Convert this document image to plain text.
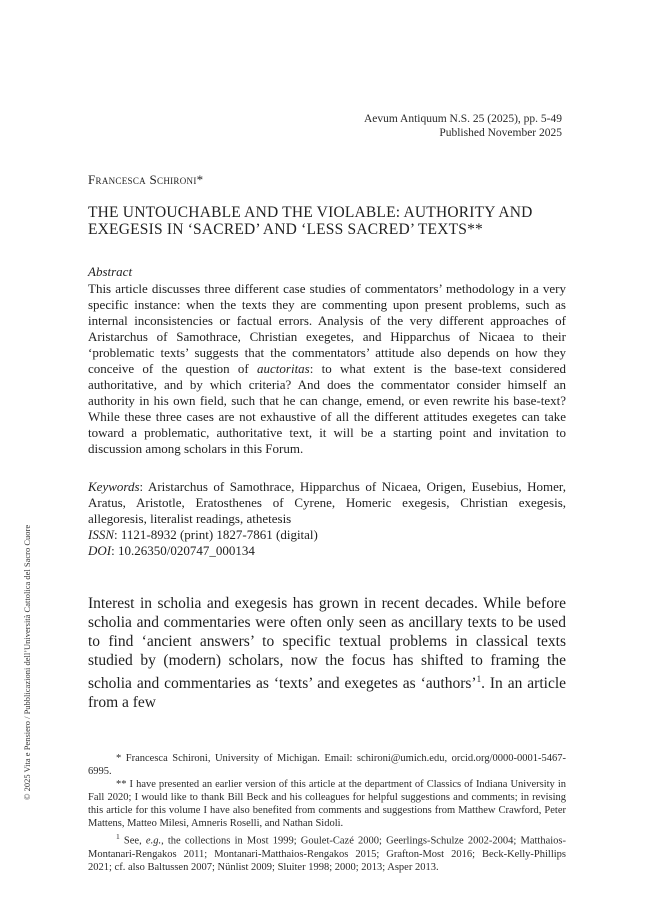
Aevum Antiquum N.S. 25 (2025), pp. 5-49
Published November 2025
Francesca Schironi*
THE UNTOUCHABLE AND THE VIOLABLE: AUTHORITY AND EXEGESIS IN ‘SACRED’ AND ‘LESS SACRED’ TEXTS**
Abstract
This article discusses three different case studies of commentators’ methodology in a very specific instance: when the texts they are commenting upon present problems, such as internal inconsistencies or factual errors. Analysis of the very different approaches of Aristarchus of Samothrace, Christian exegetes, and Hipparchus of Nicaea to their ‘problematic texts’ suggests that the commentators’ attitude also depends on how they conceive of the question of auctoritas: to what extent is the base-text considered authoritative, and by which criteria? And does the commentator consider himself an authority in his own field, such that he can change, emend, or even rewrite his base-text? While these three cases are not exhaustive of all the different attitudes exegetes can take toward a problematic, authoritative text, it will be a starting point and invitation to discussion among scholars in this Forum.
Keywords: Aristarchus of Samothrace, Hipparchus of Nicaea, Origen, Eusebius, Homer, Aratus, Aristotle, Eratosthenes of Cyrene, Homeric exegesis, Christian exegesis, allegoresis, literalist readings, athetesis
ISSN: 1121-8932 (print) 1827-7861 (digital)
DOI: 10.26350/020747_000134
Interest in scholia and exegesis has grown in recent decades. While before scholia and commentaries were often only seen as ancillary texts to be used to find ‘ancient answers’ to specific textual problems in classical texts studied by (modern) scholars, now the focus has shifted to framing the scholia and commentaries as ‘texts’ and exegetes as ‘authors’$^1$. In an article from a few

* Francesca Schironi, University of Michigan. Email: schironi@umich.edu, orcid.org/0000-0001-5467-6995.

** I have presented an earlier version of this article at the department of Classics of Indiana University in Fall 2020; I would like to thank Bill Beck and his colleagues for helpful suggestions and comments; in revising this article for this volume I have also benefited from comments and suggestions from Matthew Crawford, Peter Mattens, Matteo Milesi, Amneris Roselli, and Nathan Sidoli.

$^1$ See, e.g., the collections in Most 1999; Goulet-Cazé 2000; Geerlings-Schulze 2002-2004; Matthaios-Montanari-Rengakos 2011; Montanari-Matthaios-Rengakos 2015; Grafton-Most 2016; Beck-Kelly-Phillips 2021; cf. also Baltussen 2007; Nünlist 2009; Sluiter 1998; 2000; 2013; Asper 2013.

© 2025 Vita e Pensiero / Pubblicazioni dell’Università Cattolica del Sacro Cuore
